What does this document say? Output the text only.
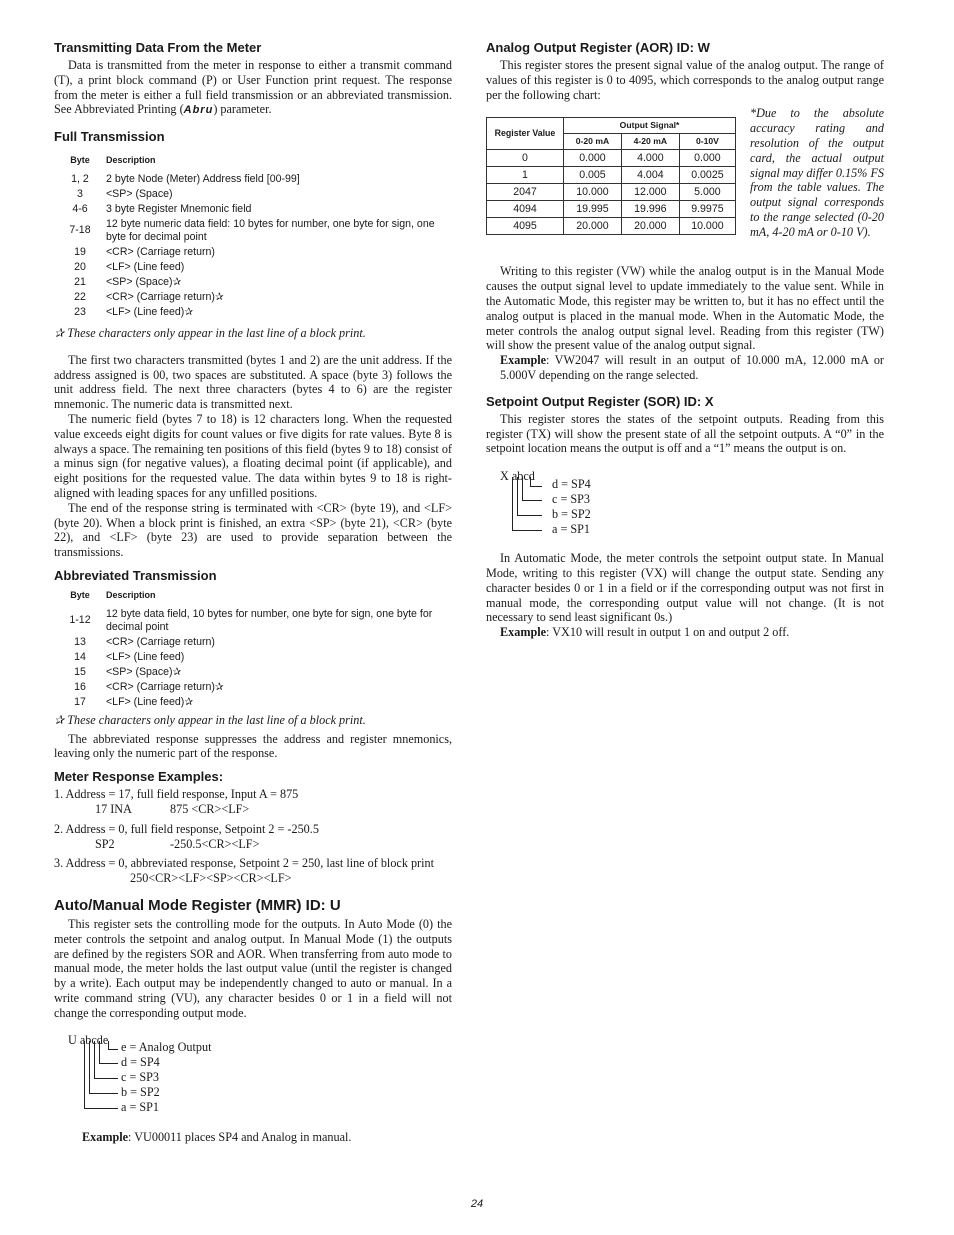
Transmitting Data From the Meter

Data is transmitted from the meter in response to either a transmit command (T), a print block command (P) or User Function print request. The response from the meter is either a full field transmission or an abbreviated transmission. See Abbreviated Printing (Abru) parameter.

Full Transmission
Byte	Description
1, 2	2 byte Node (Meter) Address field [00-99]
3	<SP> (Space)
4-6	3 byte Register Mnemonic field
7-18	12 byte numeric data field: 10 bytes for number, one byte for sign, one byte for decimal point
19	<CR> (Carriage return)
20	<LF> (Line feed)
21	<SP> (Space)✰
22	<CR> (Carriage return)✰
23	<LF> (Line feed)✰

✰ These characters only appear in the last line of a block print.

The first two characters transmitted (bytes 1 and 2) are the unit address. If the address assigned is 00, two spaces are substituted. A space (byte 3) follows the unit address field. The next three characters (bytes 4 to 6) are the register mnemonic. The numeric data is transmitted next.

The numeric field (bytes 7 to 18) is 12 characters long. When the requested value exceeds eight digits for count values or five digits for rate values. Byte 8 is always a space. The remaining ten positions of this field (bytes 9 to 18) consist of a minus sign (for negative values), a floating decimal point (if applicable), and eight positions for the requested value. The data within bytes 9 to 18 is right-aligned with leading spaces for any unfilled positions.

The end of the response string is terminated with <CR> (byte 19), and <LF> (byte 20). When a block print is finished, an extra <SP> (byte 21), <CR> (byte 22), and <LF> (byte 23) are used to provide separation between the transmissions.

Abbreviated Transmission
Byte	Description
1-12	12 byte data field, 10 bytes for number, one byte for sign, one byte for decimal point
13	<CR> (Carriage return)
14	<LF> (Line feed)
15	<SP> (Space)✰
16	<CR> (Carriage return)✰
17	<LF> (Line feed)✰

✰ These characters only appear in the last line of a block print.

The abbreviated response suppresses the address and register mnemonics, leaving only the numeric part of the response.

Meter Response Examples:
1. Address = 17, full field response, Input A = 875
17 INA	875 <CR><LF>
2. Address = 0, full field response, Setpoint 2 = -250.5
SP2	-250.5<CR><LF>
3. Address = 0, abbreviated response, Setpoint 2 = 250, last line of block print
250<CR><LF><SP><CR><LF>
Auto/Manual Mode Register (MMR) ID: U

This register sets the controlling mode for the outputs. In Auto Mode (0) the meter controls the setpoint and analog output. In Manual Mode (1) the outputs are defined by the registers SOR and AOR. When transferring from auto mode to manual mode, the meter holds the last output value (until the register is changed by a write). Each output may be independently changed to auto or manual. In a write command string (VU), any character besides 0 or 1 in a field will not change the corresponding output mode.

U abcde e = Analog Output
d = SP4
c = SP3
b = SP2
a = SP1
Example: VU00011 places SP4 and Analog in manual.
Analog Output Register (AOR) ID: W

This register stores the present signal value of the analog output. The range of values of this register is 0 to 4095, which corresponds to the analog output range per the following chart:

Register Value	Output Signal*		
	0-20 mA	4-20 mA	0-10V
0	0.000	4.000	0.000
1	0.005	4.004	0.0025
2047	10.000	12.000	5.000
4094	19.995	19.996	9.9975
4095	20.000	20.000	10.000
*Due to the absolute accuracy rating and resolution of the output card, the actual output signal may differ 0.15% FS from the table values. The output signal corresponds to the range selected (0-20 mA, 4-20 mA or 0-10 V).

Writing to this register (VW) while the analog output is in the Manual Mode causes the output signal level to update immediately to the value sent. While in the Automatic Mode, this register may be written to, but it has no effect until the analog output is placed in the manual mode. When in the Automatic Mode, the meter controls the analog output signal level. Reading from this register (TW) will show the present value of the analog output signal.

Example: VW2047 will result in an output of 10.000 mA, 12.000 mA or 5.000V depending on the range selected.
Setpoint Output Register (SOR) ID: X

This register stores the states of the setpoint outputs. Reading from this register (TX) will show the present state of all the setpoint outputs. A “0” in the setpoint location means the output is off and a “1” means the output is on.

X abcd
d = SP4
c = SP3
b = SP2
a = SP1

In Automatic Mode, the meter controls the setpoint output state. In Manual Mode, writing to this register (VX) will change the output state. Sending any character besides 0 or 1 in a field or if the corresponding output was not first in manual mode, the corresponding output value will not change. (It is not necessary to send least significant 0s.)

Example: VX10 will result in output 1 on and output 2 off.
24
